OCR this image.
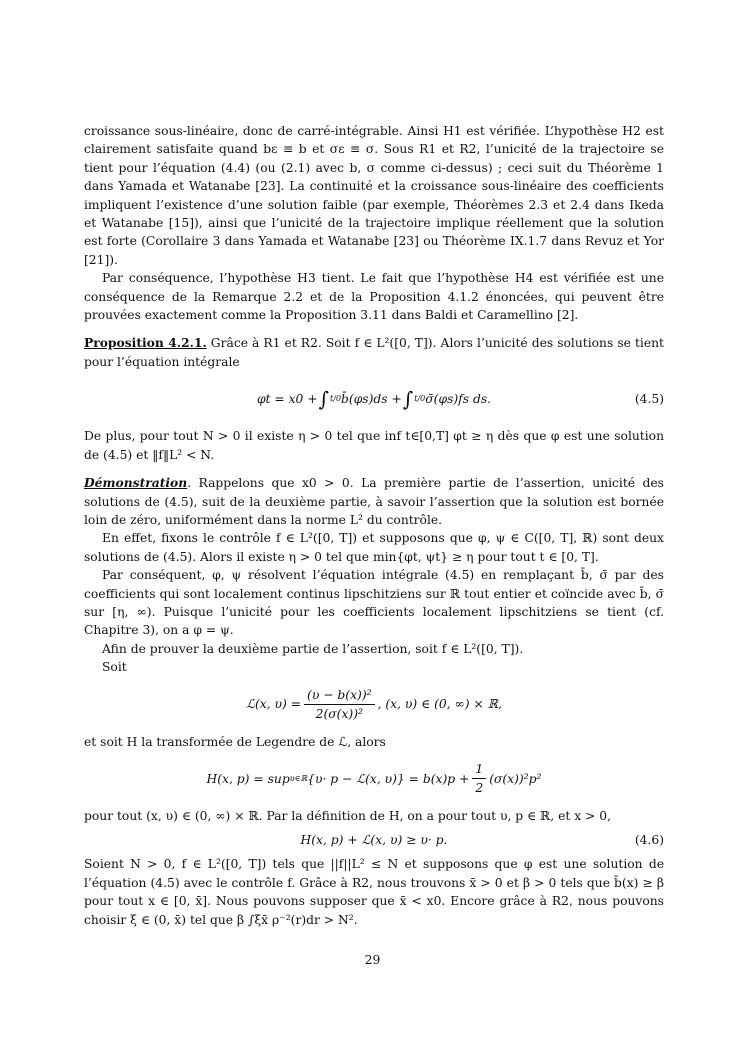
croissance sous-linéaire, donc de carré-intégrable. Ainsi H1 est vérifiée. L’hypothèse H2 est clairement satisfaite quand bε ≡ b et σε ≡ σ. Sous R1 et R2, l’unicité de la trajectoire se tient pour l’équation (4.4) (ou (2.1) avec b, σ comme ci-dessus) ; ceci suit du Théorème 1 dans Yamada et Watanabe [23]. La continuité et la croissance sous-linéaire des coefficients impliquent l’existence d’une solution faible (par exemple, Théorèmes 2.3 et 2.4 dans Ikeda et Watanabe [15]), ainsi que l’unicité de la trajectoire implique réellement que la solution est forte (Corollaire 3 dans Yamada et Watanabe [23] ou Théorème IX.1.7 dans Revuz et Yor [21]).

Par conséquence, l’hypothèse H3 tient. Le fait que l’hypothèse H4 est vérifiée est une conséquence de la Remarque 2.2 et de la Proposition 4.1.2 énoncées, qui peuvent être prouvées exactement comme la Proposition 3.11 dans Baldi et Caramellino [2].

Proposition 4.2.1. Grâce à R1 et R2. Soit f ∈ L²([0, T]). Alors l’unicité des solutions se tient pour l’équation intégrale

φt = x0 + ∫ t/0 b̄(φs)ds + ∫ t/0 σ̄(φs)fs ds.	(4.5)

De plus, pour tout N > 0 il existe η > 0 tel que inf t∈[0,T] φt ≥ η dès que φ est une solution de (4.5) et ‖f‖L² < N.

Démonstration. Rappelons que x0 > 0. La première partie de l’assertion, unicité des solutions de (4.5), suit de la deuxième partie, à savoir l’assertion que la solution est bornée loin de zéro, uniformément dans la norme L² du contrôle.

En effet, fixons le contrôle f ∈ L²([0, T]) et supposons que φ, ψ ∈ C([0, T], ℝ) sont deux solutions de (4.5). Alors il existe η > 0 tel que min{φt, ψt} ≥ η pour tout t ∈ [0, T].

Par conséquent, φ, ψ résolvent l’équation intégrale (4.5) en remplaçant b̄, σ̄ par des coefficients qui sont localement continus lipschitziens sur ℝ tout entier et coïncide avec b̄, σ̄ sur [η, ∞). Puisque l’unicité pour les coefficients localement lipschitziens se tient (cf. Chapitre 3), on a φ = ψ.

Afin de prouver la deuxième partie de l’assertion, soit f ∈ L²([0, T]).

Soit

ℒ(x, $\upsilon) = \frac{\text{(υ − b(x))²}}{\text{2(σ(x))²}}$ , (x, υ) ∈ (0, ∞) × ℝ,

et soit H la transformée de Legendre de ℒ, alors

H(x, p) = sup υ∈ℝ {υ· p − ℒ(x, $\upsilon)\} = b(x)p + \frac{1}{2} (\sigma(x))^2p^2$

pour tout (x, υ) ∈ (0, ∞) × ℝ. Par la définition de H, on a pour tout υ, p ∈ ℝ, et x > 0,

H(x, p) + ℒ(x, υ) ≥ υ· p.	(4.6)

Soient N > 0, f ∈ L²([0, T]) tels que ||f||L² ≤ N et supposons que φ est une solution de l’équation (4.5) avec le contrôle f. Grâce à R2, nous trouvons x̄ > 0 et β > 0 tels que b̄(x) ≥ β pour tout x ∈ [0, x̄]. Nous pouvons supposer que x̄ < x0. Encore grâce à R2, nous pouvons choisir ξ ∈ (0, x̄) tel que β ∫ξx̄ ρ⁻²(r)dr > N².

29
